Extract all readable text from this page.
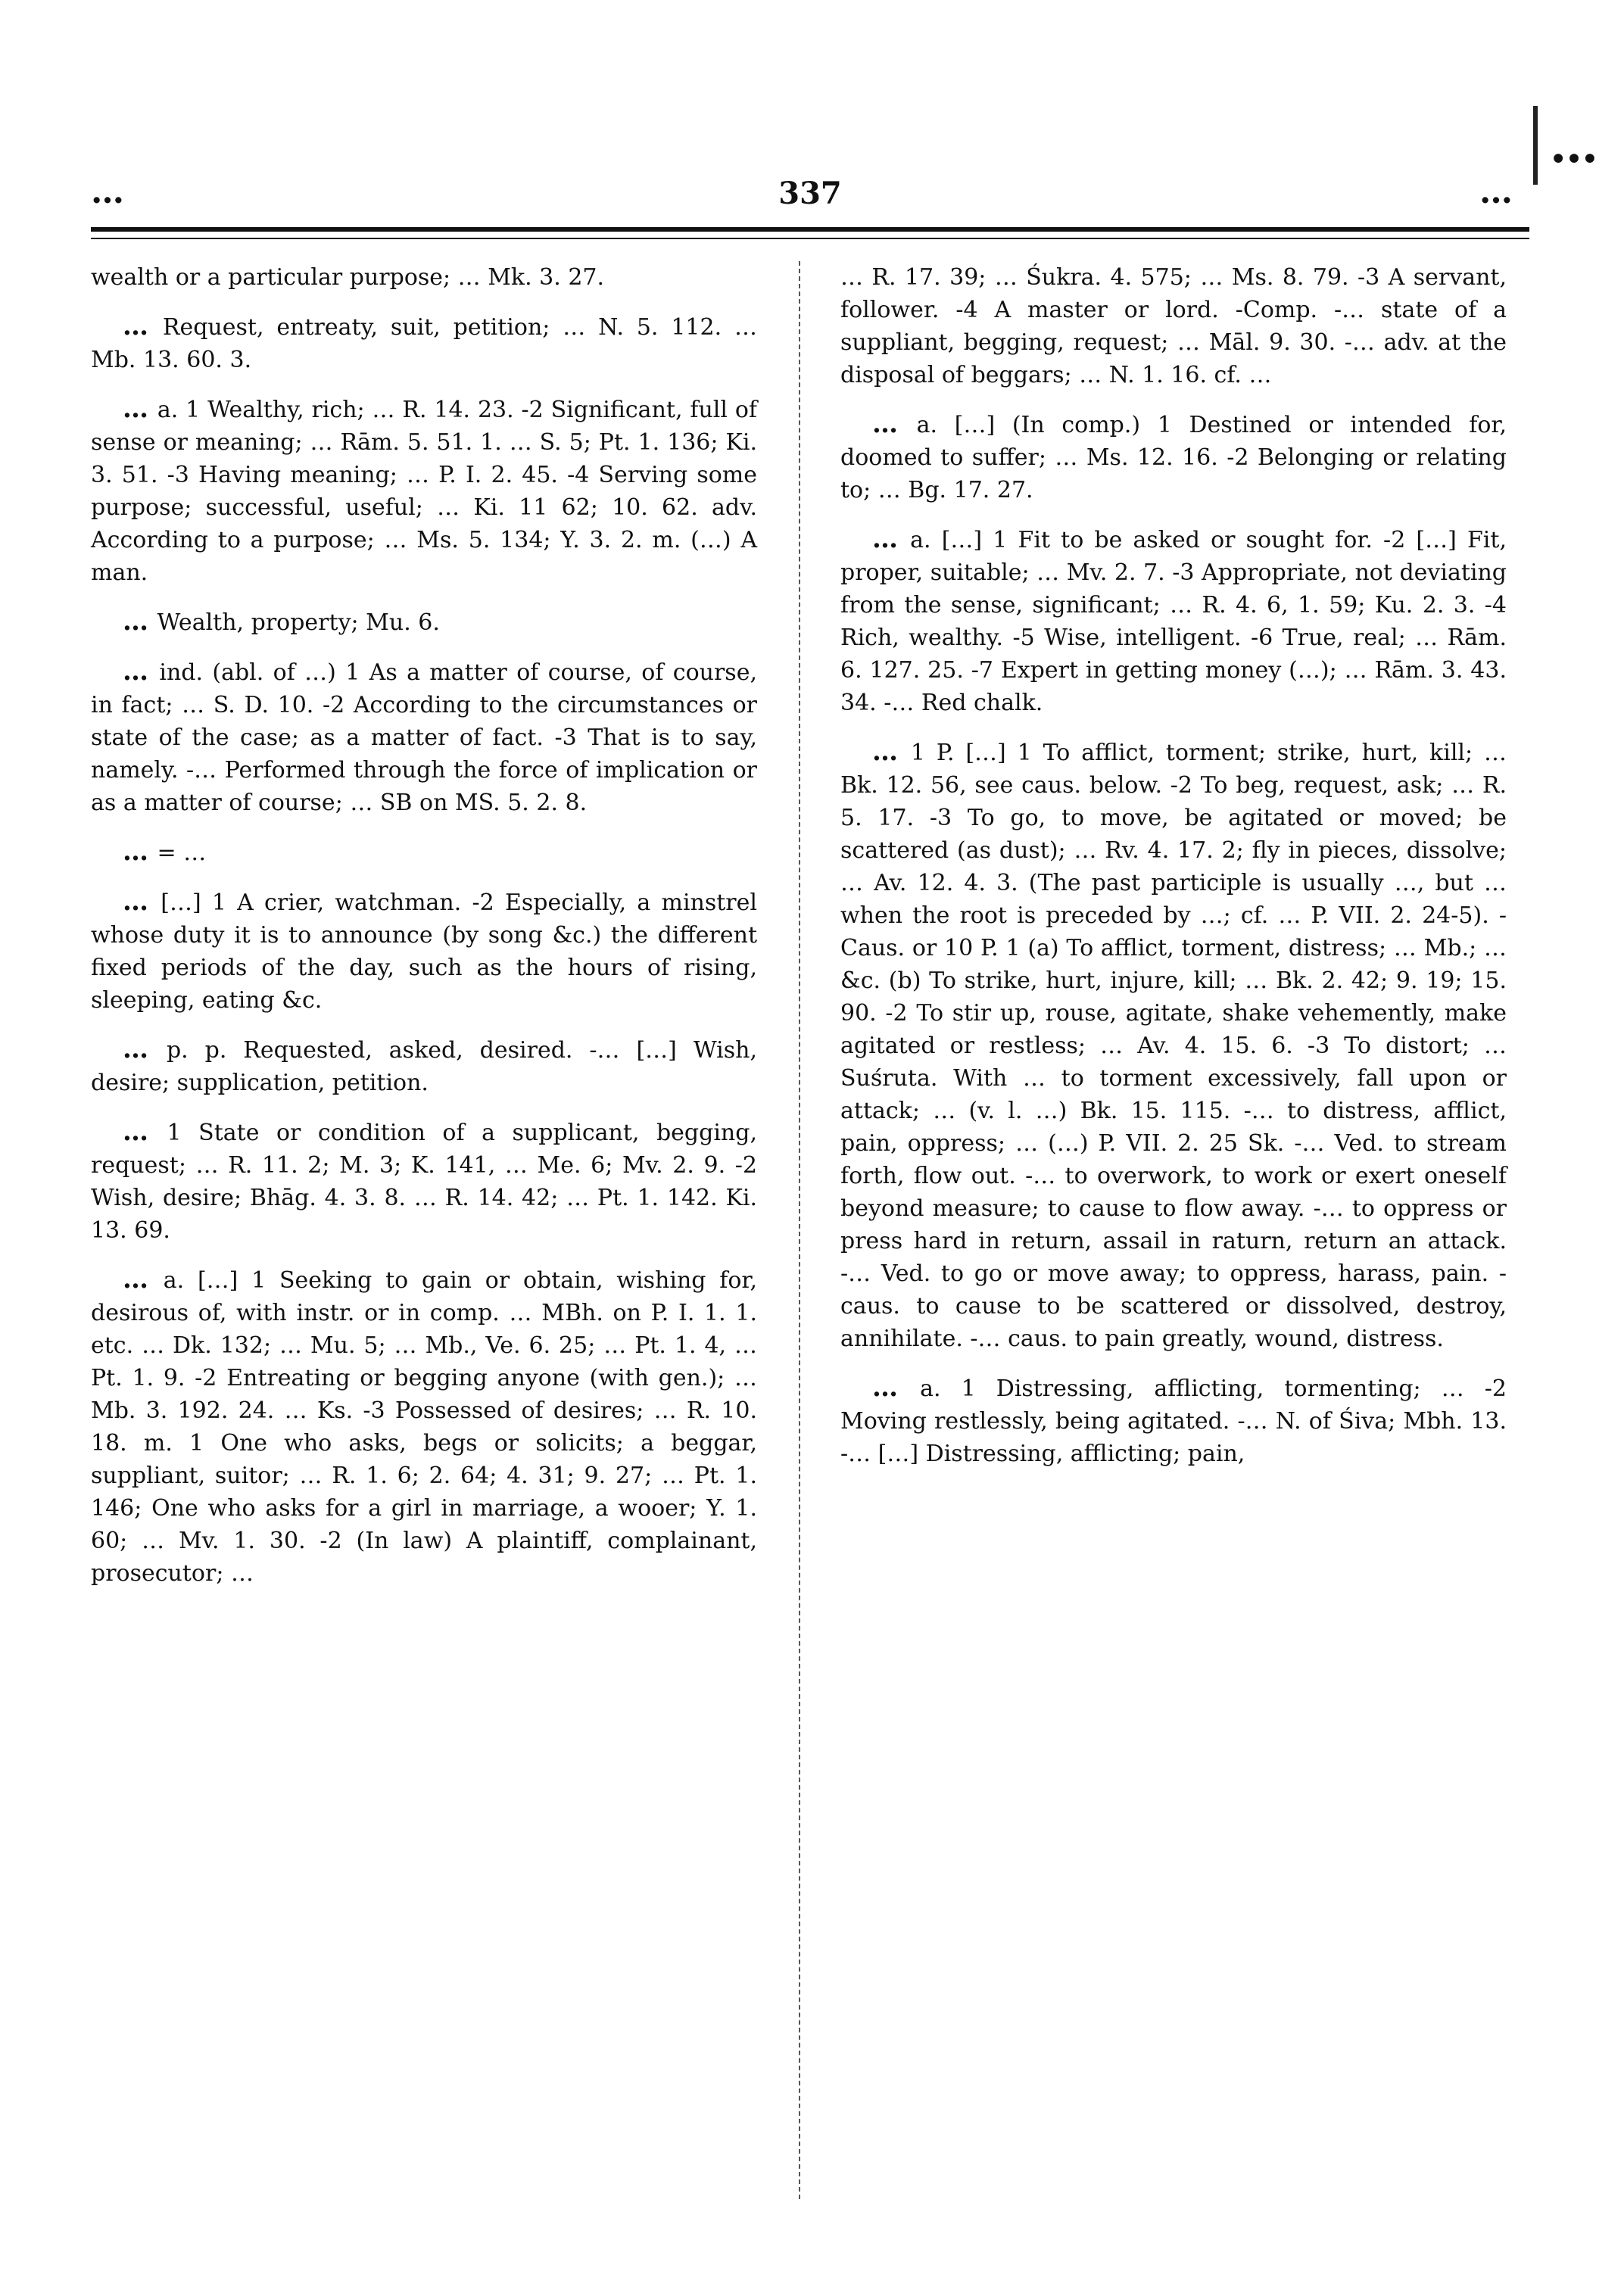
…
…	337	…

wealth or a particular purpose; … Mk. 3. 27.

… Request, entreaty, suit, petition; … N. 5. 112. … Mb. 13. 60. 3.

… a. 1 Wealthy, rich; … R. 14. 23. -2 Significant, full of sense or meaning; … Rām. 5. 51. 1. … S. 5; Pt. 1. 136; Ki. 3. 51. -3 Having meaning; … P. I. 2. 45. -4 Serving some purpose; successful, useful; … Ki. 11 62; 10. 62. adv. According to a purpose; … Ms. 5. 134; Y. 3. 2. m. (…) A man.

… Wealth, property; Mu. 6.

… ind. (abl. of …) 1 As a matter of course, of course, in fact; … S. D. 10. -2 According to the circumstances or state of the case; as a matter of fact. -3 That is to say, namely. -… Performed through the force of implication or as a matter of course; … SB on MS. 5. 2. 8.

… = …

… […] 1 A crier, watchman. -2 Especially, a minstrel whose duty it is to announce (by song &c.) the different fixed periods of the day, such as the hours of rising, sleeping, eating &c.

… p. p. Requested, asked, desired. -… […] Wish, desire; supplication, petition.

… 1 State or condition of a supplicant, begging, request; … R. 11. 2; M. 3; K. 141, … Me. 6; Mv. 2. 9. -2 Wish, desire; Bhāg. 4. 3. 8. … R. 14. 42; … Pt. 1. 142. Ki. 13. 69.

… a. […] 1 Seeking to gain or obtain, wishing for, desirous of, with instr. or in comp. … MBh. on P. I. 1. 1. etc. … Dk. 132; … Mu. 5; … Mb., Ve. 6. 25; … Pt. 1. 4, … Pt. 1. 9. -2 Entreating or begging anyone (with gen.); … Mb. 3. 192. 24. … Ks. -3 Possessed of desires; … R. 10. 18. m. 1 One who asks, begs or solicits; a beggar, suppliant, suitor; … R. 1. 6; 2. 64; 4. 31; 9. 27; … Pt. 1. 146; One who asks for a girl in marriage, a wooer; Y. 1. 60; … Mv. 1. 30. -2 (In law) A plaintiff, complainant, prosecutor; …

… R. 17. 39; … Śukra. 4. 575; … Ms. 8. 79. -3 A servant, follower. -4 A master or lord. -Comp. -… state of a suppliant, begging, request; … Māl. 9. 30. -… adv. at the disposal of beggars; … N. 1. 16. cf. …

… a. […] (In comp.) 1 Destined or intended for, doomed to suffer; … Ms. 12. 16. -2 Belonging or relating to; … Bg. 17. 27.

… a. […] 1 Fit to be asked or sought for. -2 […] Fit, proper, suitable; … Mv. 2. 7. -3 Appropriate, not deviating from the sense, significant; … R. 4. 6, 1. 59; Ku. 2. 3. -4 Rich, wealthy. -5 Wise, intelligent. -6 True, real; … Rām. 6. 127. 25. -7 Expert in getting money (…); … Rām. 3. 43. 34. -… Red chalk.

… 1 P. […] 1 To afflict, torment; strike, hurt, kill; … Bk. 12. 56, see caus. below. -2 To beg, request, ask; … R. 5. 17. -3 To go, to move, be agitated or moved; be scattered (as dust); … Rv. 4. 17. 2; fly in pieces, dissolve; … Av. 12. 4. 3. (The past participle is usually …, but … when the root is preceded by …; cf. … P. VII. 2. 24-5). -Caus. or 10 P. 1 (a) To afflict, torment, distress; … Mb.; … &c. (b) To strike, hurt, injure, kill; … Bk. 2. 42; 9. 19; 15. 90. -2 To stir up, rouse, agitate, shake vehemently, make agitated or restless; … Av. 4. 15. 6. -3 To distort; … Suśruta. With … to torment excessively, fall upon or attack; … (v. l. …) Bk. 15. 115. -… to distress, afflict, pain, oppress; … (…) P. VII. 2. 25 Sk. -… Ved. to stream forth, flow out. -… to overwork, to work or exert oneself beyond measure; to cause to flow away. -… to oppress or press hard in return, assail in raturn, return an attack. -… Ved. to go or move away; to oppress, harass, pain. -caus. to cause to be scattered or dissolved, destroy, annihilate. -… caus. to pain greatly, wound, distress.

… a. 1 Distressing, afflicting, tormenting; … -2 Moving restlessly, being agitated. -… N. of Śiva; Mbh. 13. -… […] Distressing, afflicting; pain,
